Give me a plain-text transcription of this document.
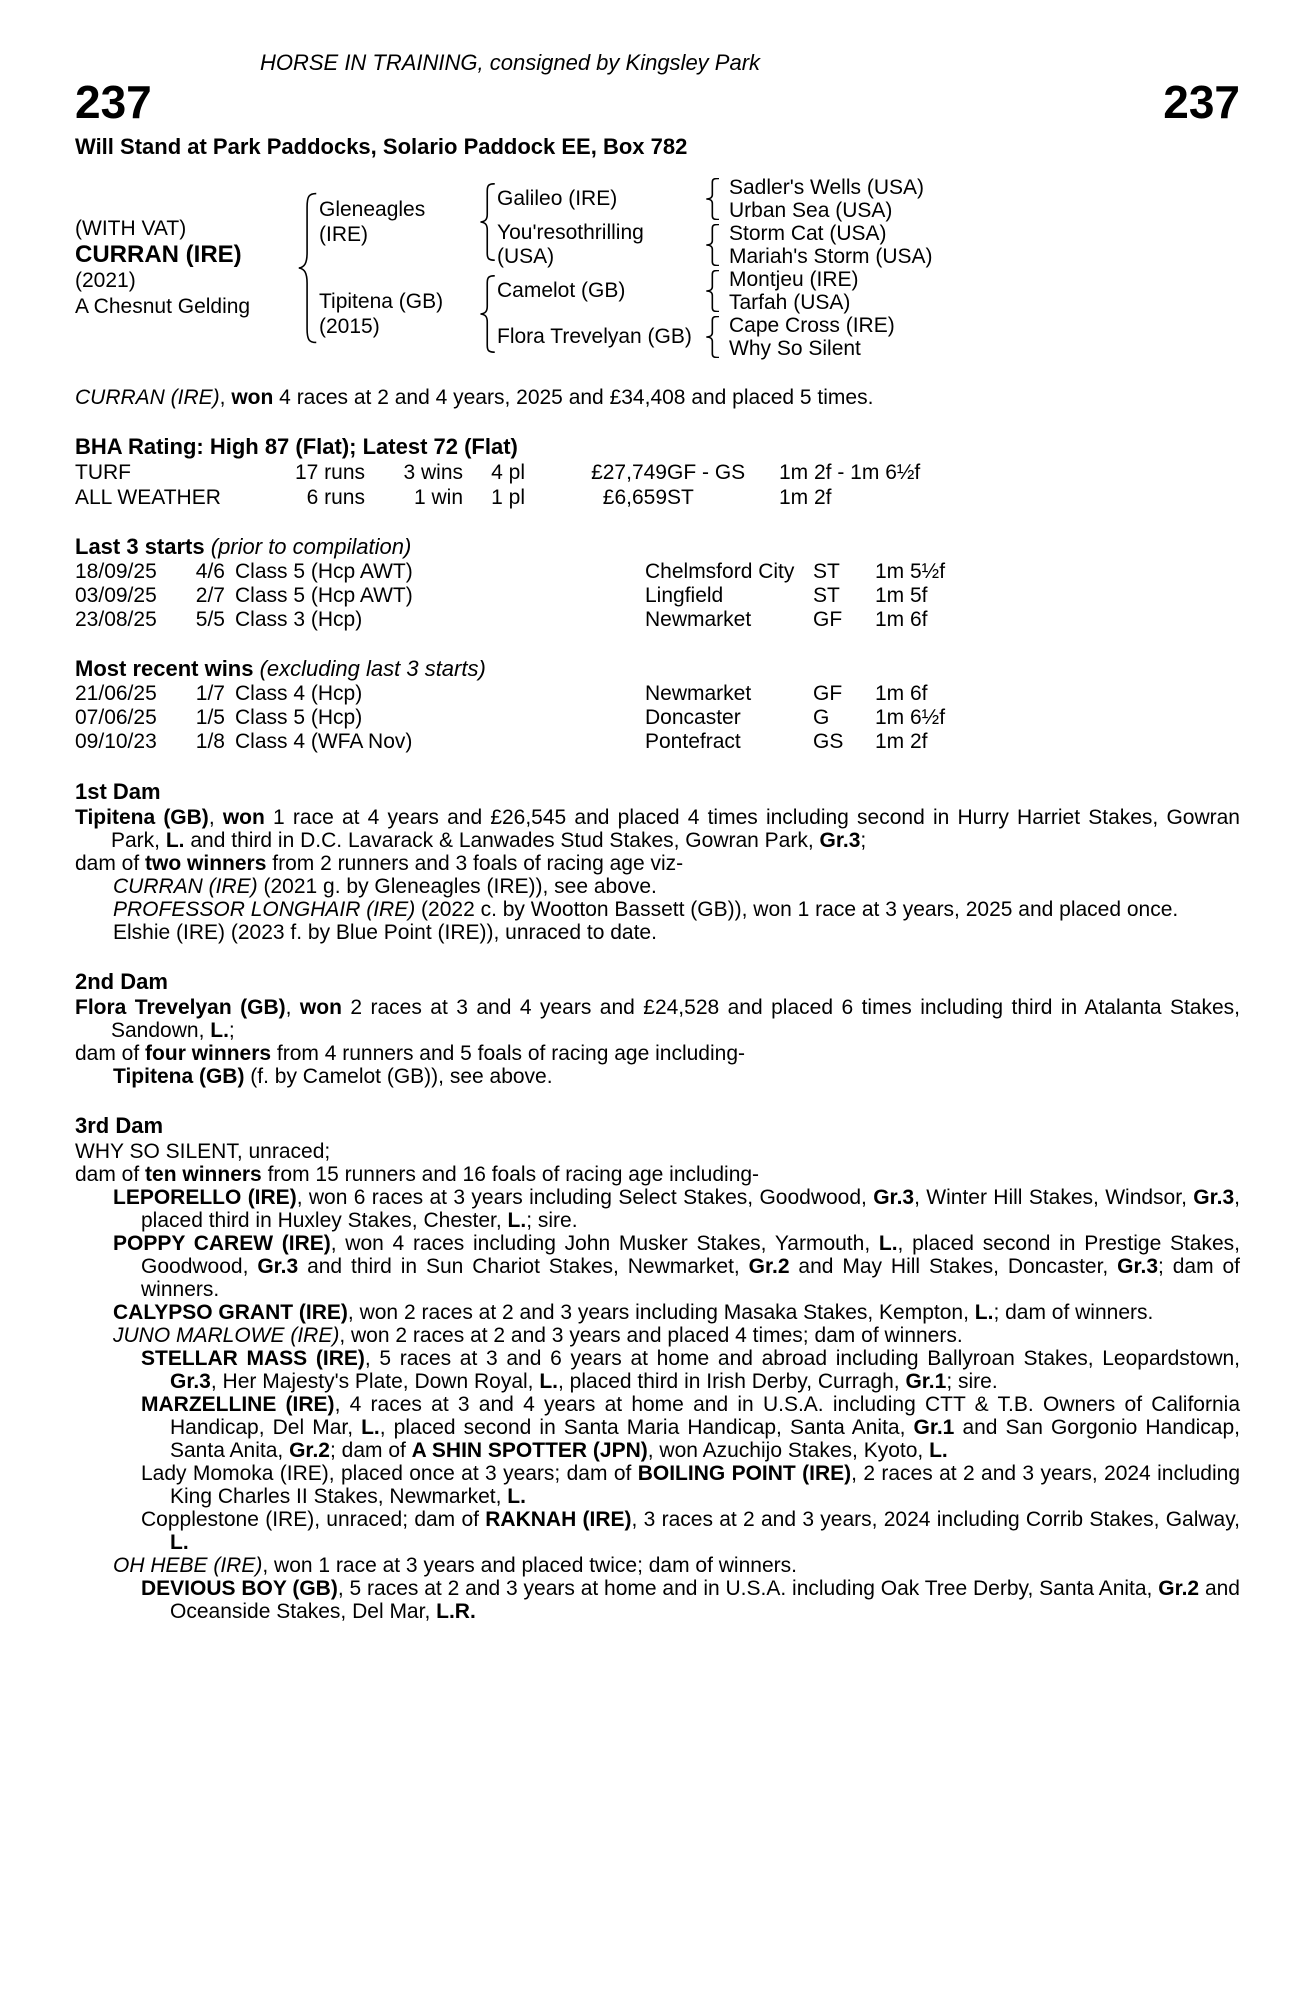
HORSE IN TRAINING, consigned by Kingsley Park
237	237
Will Stand at Park Paddocks, Solario Paddock EE, Box 782
(WITH VAT)
CURRAN (IRE)
(2021)
A Chesnut Gelding
Gleneagles (IRE)
Galileo (IRE)	Sadler's Wells (USA)
Urban Sea (USA)
You'resothrilling (USA)
Storm Cat (USA)
Mariah's Storm (USA)
Tipitena (GB)
(2015)
Camelot (GB)	Montjeu (IRE)
Tarfah (USA)
Flora Trevelyan (GB)	Cape Cross (IRE)
Why So Silent

CURRAN (IRE), won 4 races at 2 and 4 years, 2025 and £34,408 and placed 5 times.

BHA Rating: High 87 (Flat); Latest 72 (Flat)
TURF	17 runs	3 wins	4 pl	£27,749 GF - GS	1m 2f - 1m 6½f
ALL WEATHER	6 runs	1 win	1 pl	£6,659 ST	1m 2f
Last 3 starts (prior to compilation)
18/09/25	4/6 Class 5 (Hcp AWT)	Chelmsford City ST	1m 5½f
03/09/25	2/7 Class 5 (Hcp AWT)	Lingfield	ST	1m 5f
23/08/25	5/5 Class 3 (Hcp)	Newmarket	GF	1m 6f
Most recent wins (excluding last 3 starts)
21/06/25	1/7 Class 4 (Hcp)	Newmarket	GF	1m 6f
07/06/25	1/5 Class 5 (Hcp)	Doncaster	G	1m 6½f
09/10/23	1/8 Class 4 (WFA Nov)	Pontefract	GS	1m 2f
1st Dam

Tipitena (GB), won 1 race at 4 years and £26,545 and placed 4 times including second in Hurry Harriet Stakes, Gowran Park, L. and third in D.C. Lavarack & Lanwades Stud Stakes, Gowran Park, Gr.3;

dam of two winners from 2 runners and 3 foals of racing age viz-

CURRAN (IRE) (2021 g. by Gleneagles (IRE)), see above.

PROFESSOR LONGHAIR (IRE) (2022 c. by Wootton Bassett (GB)), won 1 race at 3 years, 2025 and placed once.

Elshie (IRE) (2023 f. by Blue Point (IRE)), unraced to date.

2nd Dam

Flora Trevelyan (GB), won 2 races at 3 and 4 years and £24,528 and placed 6 times including third in Atalanta Stakes, Sandown, L.;

dam of four winners from 4 runners and 5 foals of racing age including-

Tipitena (GB) (f. by Camelot (GB)), see above.

3rd Dam

WHY SO SILENT, unraced;

dam of ten winners from 15 runners and 16 foals of racing age including-

LEPORELLO (IRE), won 6 races at 3 years including Select Stakes, Goodwood, Gr.3, Winter Hill Stakes, Windsor, Gr.3, placed third in Huxley Stakes, Chester, L.; sire.

POPPY CAREW (IRE), won 4 races including John Musker Stakes, Yarmouth, L., placed second in Prestige Stakes, Goodwood, Gr.3 and third in Sun Chariot Stakes, Newmarket, Gr.2 and May Hill Stakes, Doncaster, Gr.3; dam of winners.

CALYPSO GRANT (IRE), won 2 races at 2 and 3 years including Masaka Stakes, Kempton, L.; dam of winners.

JUNO MARLOWE (IRE), won 2 races at 2 and 3 years and placed 4 times; dam of winners.

STELLAR MASS (IRE), 5 races at 3 and 6 years at home and abroad including Ballyroan Stakes, Leopardstown, Gr.3, Her Majesty's Plate, Down Royal, L., placed third in Irish Derby, Curragh, Gr.1; sire.

MARZELLINE (IRE), 4 races at 3 and 4 years at home and in U.S.A. including CTT & T.B. Owners of California Handicap, Del Mar, L., placed second in Santa Maria Handicap, Santa Anita, Gr.1 and San Gorgonio Handicap, Santa Anita, Gr.2; dam of A SHIN SPOTTER (JPN), won Azuchijo Stakes, Kyoto, L.

Lady Momoka (IRE), placed once at 3 years; dam of BOILING POINT (IRE), 2 races at 2 and 3 years, 2024 including King Charles II Stakes, Newmarket, L.

Copplestone (IRE), unraced; dam of RAKNAH (IRE), 3 races at 2 and 3 years, 2024 including Corrib Stakes, Galway, L.

OH HEBE (IRE), won 1 race at 3 years and placed twice; dam of winners.

DEVIOUS BOY (GB), 5 races at 2 and 3 years at home and in U.S.A. including Oak Tree Derby, Santa Anita, Gr.2 and Oceanside Stakes, Del Mar, L.R.
